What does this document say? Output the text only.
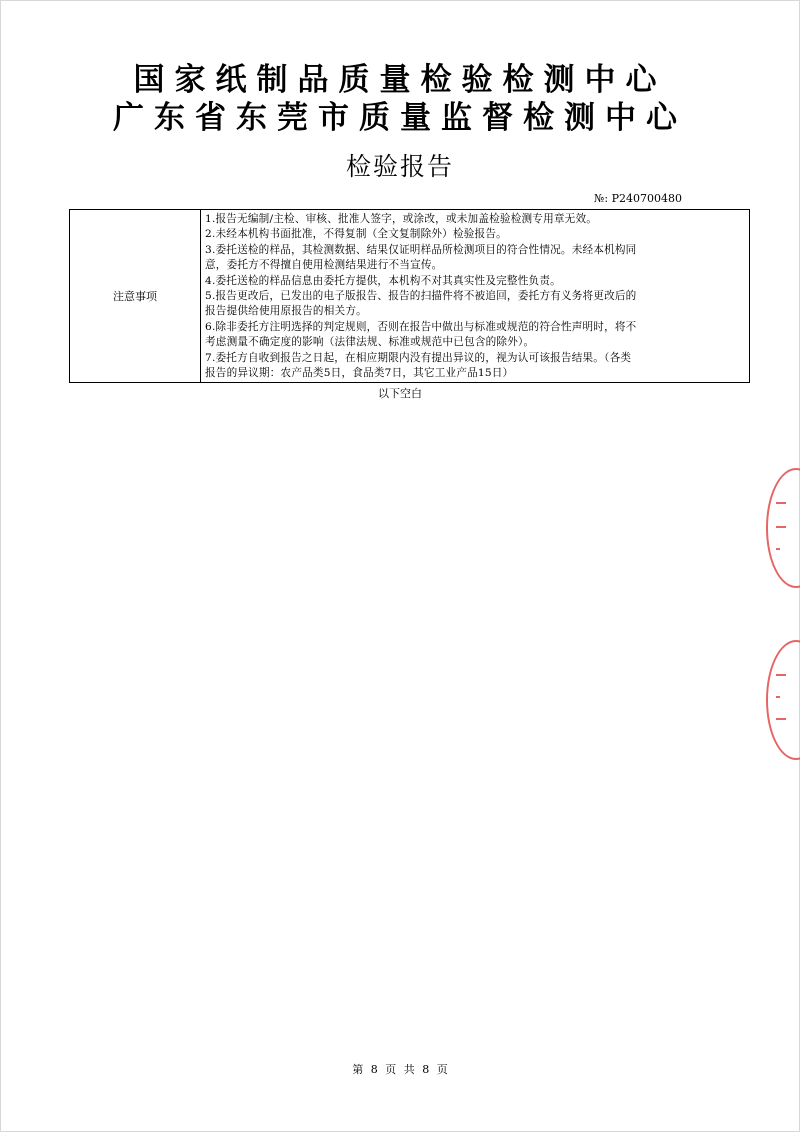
国家纸制品质量检验检测中心
广东省东莞市质量监督检测中心
检验报告
№: P240700480
注意事项
1.报告无编制/主检、审核、批准人签字，或涂改，或未加盖检验检测专用章无效。
2.未经本机构书面批准，不得复制（全文复制除外）检验报告。
3.委托送检的样品，其检测数据、结果仅证明样品所检测项目的符合性情况。未经本机构同
意，委托方不得擅自使用检测结果进行不当宣传。
4.委托送检的样品信息由委托方提供，本机构不对其真实性及完整性负责。
5.报告更改后，已发出的电子版报告、报告的扫描件将不被追回，委托方有义务将更改后的
报告提供给使用原报告的相关方。
6.除非委托方注明选择的判定规则，否则在报告中做出与标准或规范的符合性声明时，将不
考虑测量不确定度的影响（法律法规、标准或规范中已包含的除外）。
7.委托方自收到报告之日起，在相应期限内没有提出异议的，视为认可该报告结果。（各类
报告的异议期：农产品类5日，食品类7日，其它工业产品15日）
以下空白
第 8 页 共 8 页
